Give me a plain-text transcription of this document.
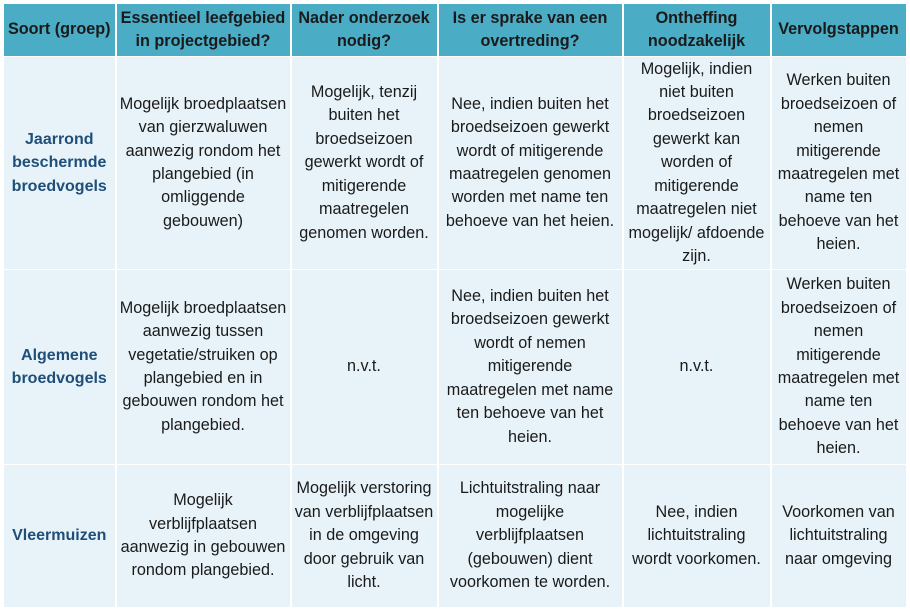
Soort (groep)	Essentieel leefgebied in projectgebied?	Nader onderzoek nodig?	Is er sprake van een overtreding?	Ontheffing noodzakelijk	Vervolgstappen
Jaarrond beschermde broedvogels	Mogelijk broedplaatsen van gierzwaluwen aanwezig rondom het plangebied (in omliggende gebouwen)	Mogelijk, tenzij buiten het broedseizoen gewerkt wordt of mitigerende maatregelen genomen worden.	Nee, indien buiten het broedseizoen gewerkt wordt of mitigerende maatregelen genomen worden met name ten behoeve van het heien.	Mogelijk, indien niet buiten broedseizoen gewerkt kan worden of mitigerende maatregelen niet mogelijk/ afdoende zijn.	Werken buiten broedseizoen of nemen mitigerende maatregelen met name ten behoeve van het heien.
Algemene broedvogels	Mogelijk broedplaatsen aanwezig tussen vegetatie/struiken op plangebied en in gebouwen rondom het plangebied.	n.v.t.	Nee, indien buiten het broedseizoen gewerkt wordt of nemen mitigerende maatregelen met name ten behoeve van het heien.	n.v.t.	Werken buiten broedseizoen of nemen mitigerende maatregelen met name ten behoeve van het heien.
Vleermuizen	Mogelijk verblijfplaatsen aanwezig in gebouwen rondom plangebied.	Mogelijk verstoring van verblijfplaatsen in de omgeving door gebruik van licht.	Lichtuitstraling naar mogelijke verblijfplaatsen (gebouwen) dient voorkomen te worden.	Nee, indien lichtuitstraling wordt voorkomen.	Voorkomen van lichtuitstraling naar omgeving
